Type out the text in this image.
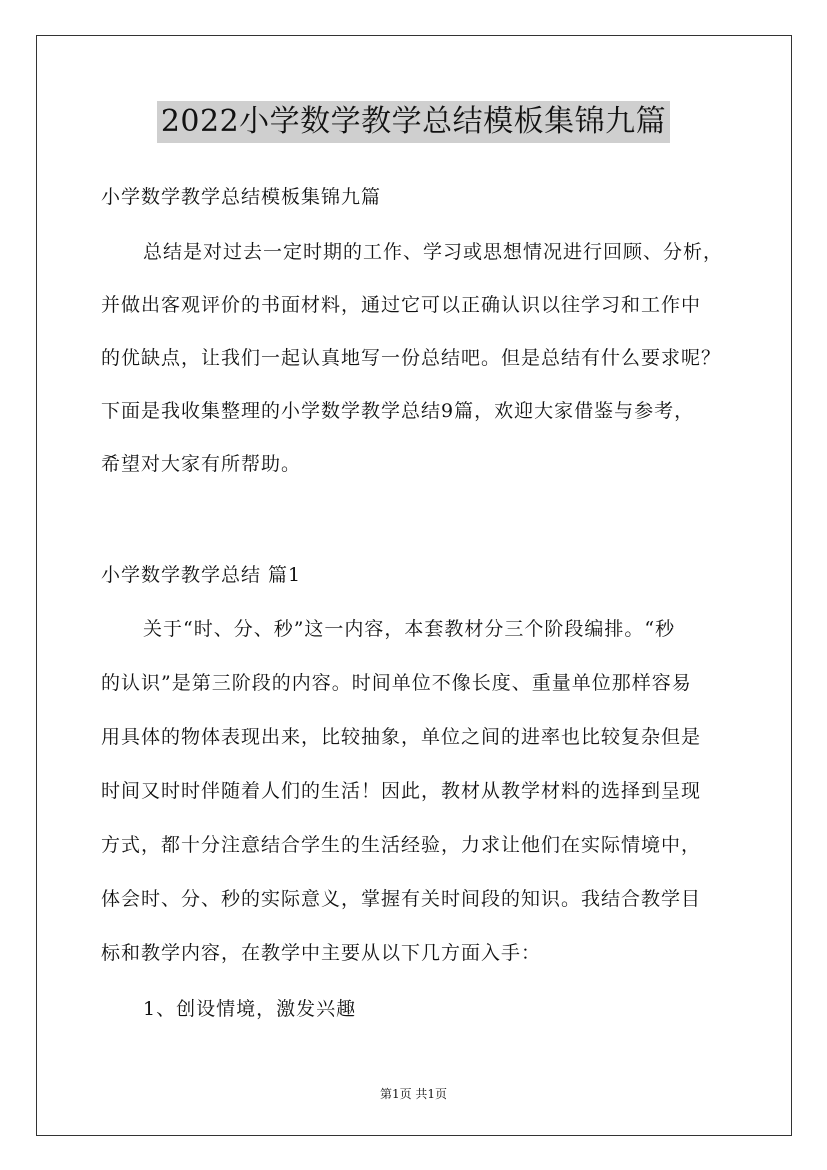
2022小学数学教学总结模板集锦九篇
小学数学教学总结模板集锦九篇
总结是对过去一定时期的工作、学习或思想情况进行回顾、分析，
并做出客观评价的书面材料，通过它可以正确认识以往学习和工作中
的优缺点，让我们一起认真地写一份总结吧。但是总结有什么要求呢？
下面是我收集整理的小学数学教学总结9篇，欢迎大家借鉴与参考，
希望对大家有所帮助。
小学数学教学总结 篇1
关于“时、分、秒”这一内容，本套教材分三个阶段编排。“秒
的认识”是第三阶段的内容。时间单位不像长度、重量单位那样容易
用具体的物体表现出来，比较抽象，单位之间的进率也比较复杂但是
时间又时时伴随着人们的生活！因此，教材从教学材料的选择到呈现
方式，都十分注意结合学生的生活经验，力求让他们在实际情境中，
体会时、分、秒的实际意义，掌握有关时间段的知识。我结合教学目
标和教学内容，在教学中主要从以下几方面入手：
1、创设情境，激发兴趣
第1页 共1页
